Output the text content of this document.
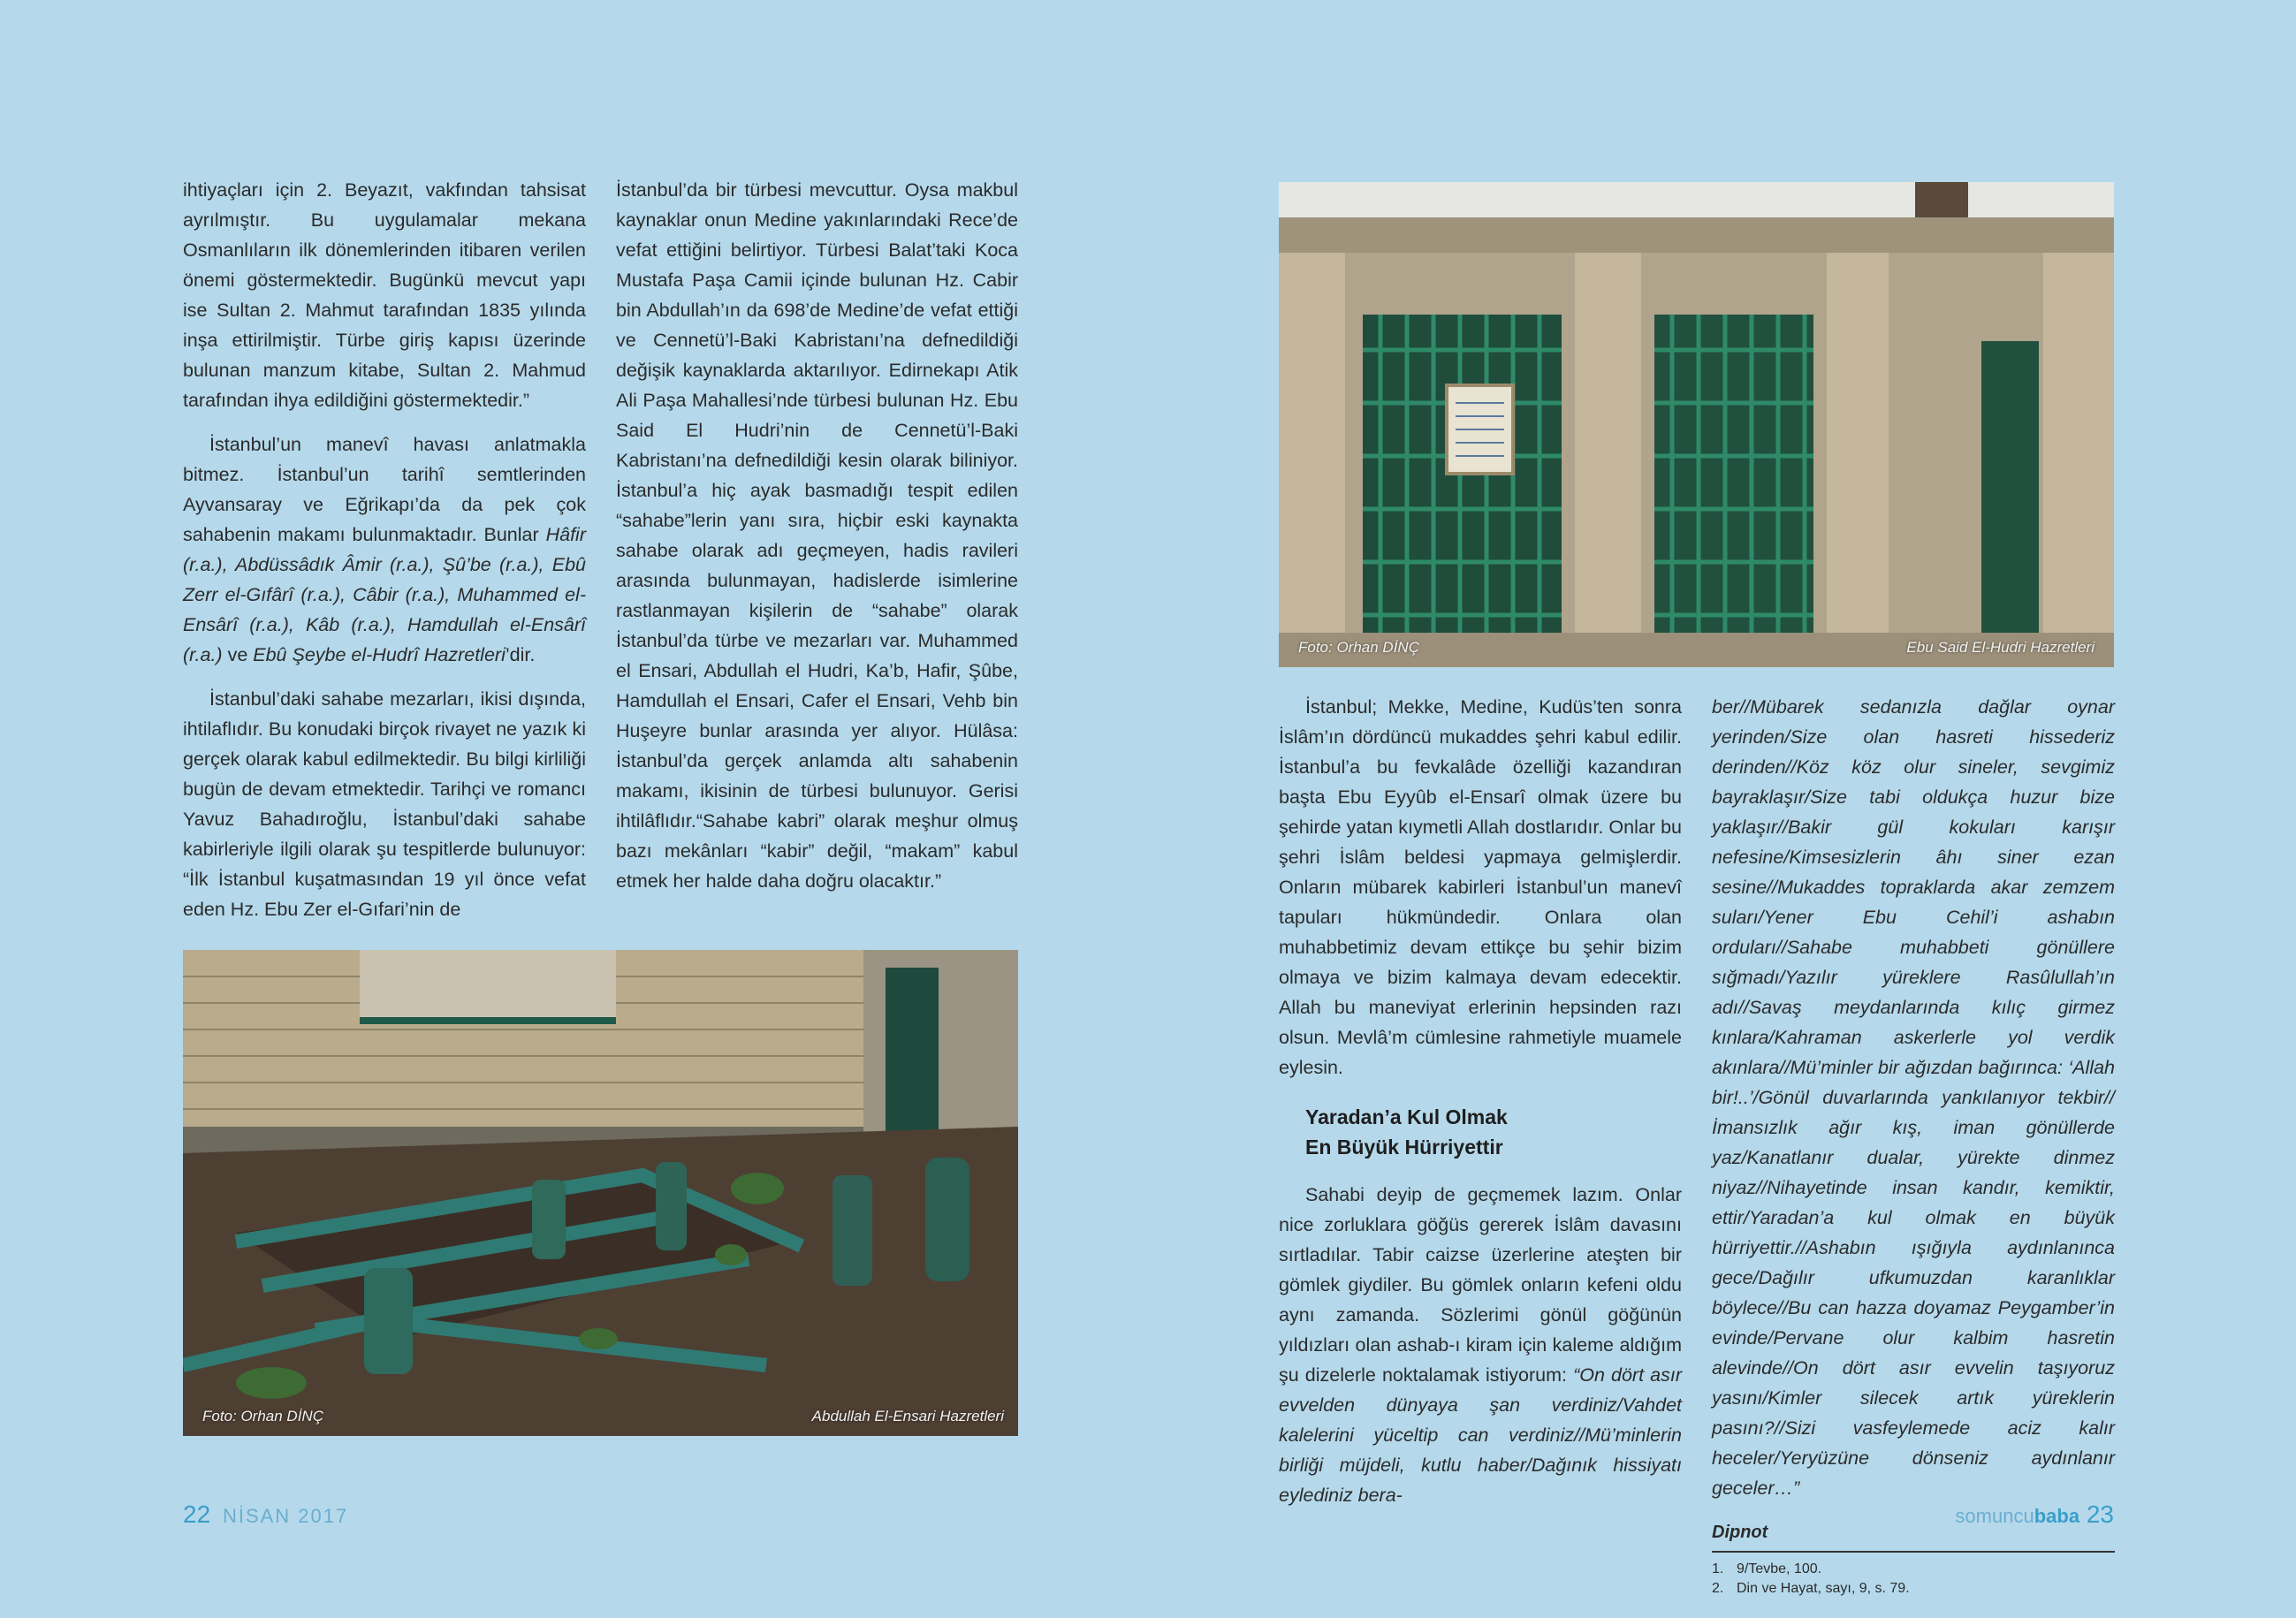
ihtiyaçları için 2. Beyazıt, vakfından tahsisat ayrılmıştır. Bu uygulamalar mekana Osmanlıların ilk dönemlerinden itibaren verilen önemi göstermektedir. Bugünkü mevcut yapı ise Sultan 2. Mahmut tarafından 1835 yılında inşa ettirilmiştir. Türbe giriş kapısı üzerinde bulunan manzum kitabe, Sultan 2. Mahmud tarafından ihya edildiğini göstermektedir.”

İstanbul’un manevî havası anlatmakla bitmez. İstanbul’un tarihî semtlerinden Ayvansaray ve Eğrikapı’da da pek çok sahabenin makamı bulunmaktadır. Bunlar Hâfir (r.a.), Abdüssâdık Âmir (r.a.), Şû’be (r.a.), Ebû Zerr el-Gıfârî (r.a.), Câbir (r.a.), Muhammed el-Ensârî (r.a.), Kâb (r.a.), Hamdullah el-Ensârî (r.a.) ve Ebû Şeybe el-Hudrî Hazretleri’dir.

İstanbul’daki sahabe mezarları, ikisi dışında, ihtilaflıdır. Bu konudaki birçok rivayet ne yazık ki gerçek olarak kabul edilmektedir. Bu bilgi kirliliği bugün de devam etmektedir. Tarihçi ve romancı Yavuz Bahadıroğlu, İstanbul’daki sahabe kabirleriyle ilgili olarak şu tespitlerde bulunuyor: “İlk İstanbul kuşatmasından 19 yıl önce vefat eden Hz. Ebu Zer el-Gıfari’nin de

İstanbul’da bir türbesi mevcuttur. Oysa makbul kaynaklar onun Medine yakınlarındaki Rece’de vefat ettiğini belirtiyor. Türbesi Balat’taki Koca Mustafa Paşa Camii içinde bulunan Hz. Cabir bin Abdullah’ın da 698’de Medine’de vefat ettiği ve Cennetü’l-Baki Kabristanı’na defnedildiği değişik kaynaklarda aktarılıyor. Edirnekapı Atik Ali Paşa Mahallesi’nde türbesi bulunan Hz. Ebu Said El Hudri’nin de Cennetü’l-Baki Kabristanı’na defnedildiği kesin olarak biliniyor. İstanbul’a hiç ayak basmadığı tespit edilen “sahabe”lerin yanı sıra, hiçbir eski kaynakta sahabe olarak adı geçmeyen, hadis ravileri arasında bulunmayan, hadislerde isimlerine rastlanmayan kişilerin de “sahabe” olarak İstanbul’da türbe ve mezarları var. Muhammed el Ensari, Abdullah el Hudri, Ka’b, Hafir, Şûbe, Hamdullah el Ensari, Cafer el Ensari, Vehb bin Huşeyre bunlar arasında yer alıyor. Hülâsa: İstanbul’da gerçek anlamda altı sahabenin makamı, ikisinin de türbesi bulunuyor. Gerisi ihtilâflıdır.“Sahabe kabri” olarak meşhur olmuş bazı mekânları “kabir” değil, “makam” kabul etmek her halde daha doğru olacaktır.”

Foto: Orhan DİNÇ	Abdullah El-Ensari Hazretleri
Foto: Orhan DİNÇ	Ebu Said El-Hudri Hazretleri

İstanbul; Mekke, Medine, Kudüs’ten sonra İslâm’ın dördüncü mukaddes şehri kabul edilir. İstanbul’a bu fevkalâde özelliği kazandıran başta Ebu Eyyûb el-Ensarî olmak üzere bu şehirde yatan kıymetli Allah dostlarıdır. Onlar bu şehri İslâm beldesi yapmaya gelmişlerdir. Onların mübarek kabirleri İstanbul’un manevî tapuları hükmündedir. Onlara olan muhabbetimiz devam ettikçe bu şehir bizim olmaya ve bizim kalmaya devam edecektir. Allah bu maneviyat erlerinin hepsinden razı olsun. Mevlâ’m cümlesine rahmetiyle muamele eylesin.

Yaradan’a Kul Olmak
En Büyük Hürriyettir

Sahabi deyip de geçmemek lazım. Onlar nice zorluklara göğüs gererek İslâm davasını sırtladılar. Tabir caizse üzerlerine ateşten bir gömlek giydiler. Bu gömlek onların kefeni oldu aynı zamanda. Sözlerimi gönül göğünün yıldızları olan ashab-ı kiram için kaleme aldığım şu dizelerle noktalamak istiyorum: “On dört asır evvelden dünyaya şan verdiniz/Vahdet kalelerini yüceltip can verdiniz//Mü’minlerin birliği müjdeli, kutlu haber/Dağınık hissiyatı eylediniz bera-

ber//Mübarek sedanızla dağlar oynar yerinden/Size olan hasreti hissederiz derinden//Köz köz olur sineler, sevgimiz bayraklaşır/Size tabi oldukça huzur bize yaklaşır//Bakir gül kokuları karışır nefesine/Kimsesizlerin âhı siner ezan sesine//Mukaddes topraklarda akar zemzem suları/Yener Ebu Cehil’i ashabın orduları//Sahabe muhabbeti gönüllere sığmadı/Yazılır yüreklere Rasûlullah’ın adı//Savaş meydanlarında kılıç girmez kınlara/Kahraman askerlerle yol verdik akınlara//Mü’minler bir ağızdan bağırınca: ‘Allah bir!..’/Gönül duvarlarında yankılanıyor tekbir//İmansızlık ağır kış, iman gönüllerde yaz/Kanatlanır dualar, yürekte dinmez niyaz//Nihayetinde insan kandır, kemiktir, ettir/Yaradan’a kul olmak en büyük hürriyettir.//Ashabın ışığıyla aydınlanınca gece/Dağılır ufkumuzdan karanlıklar böylece//Bu can hazza doyamaz Peygamber’in evinde/Pervane olur kalbim hasretin alevinde//On dört asır evvelin taşıyoruz yasını/Kimler silecek artık yüreklerin pasını?//Sizi vasfeylemede aciz kalır heceler/Yeryüzüne dönseniz aydınlanır geceler…”

Dipnot
1. 9/Tevbe, 100.
2. Din ve Hayat, sayı, 9, s. 79.
22 NİSAN 2017	somuncubaba 23
